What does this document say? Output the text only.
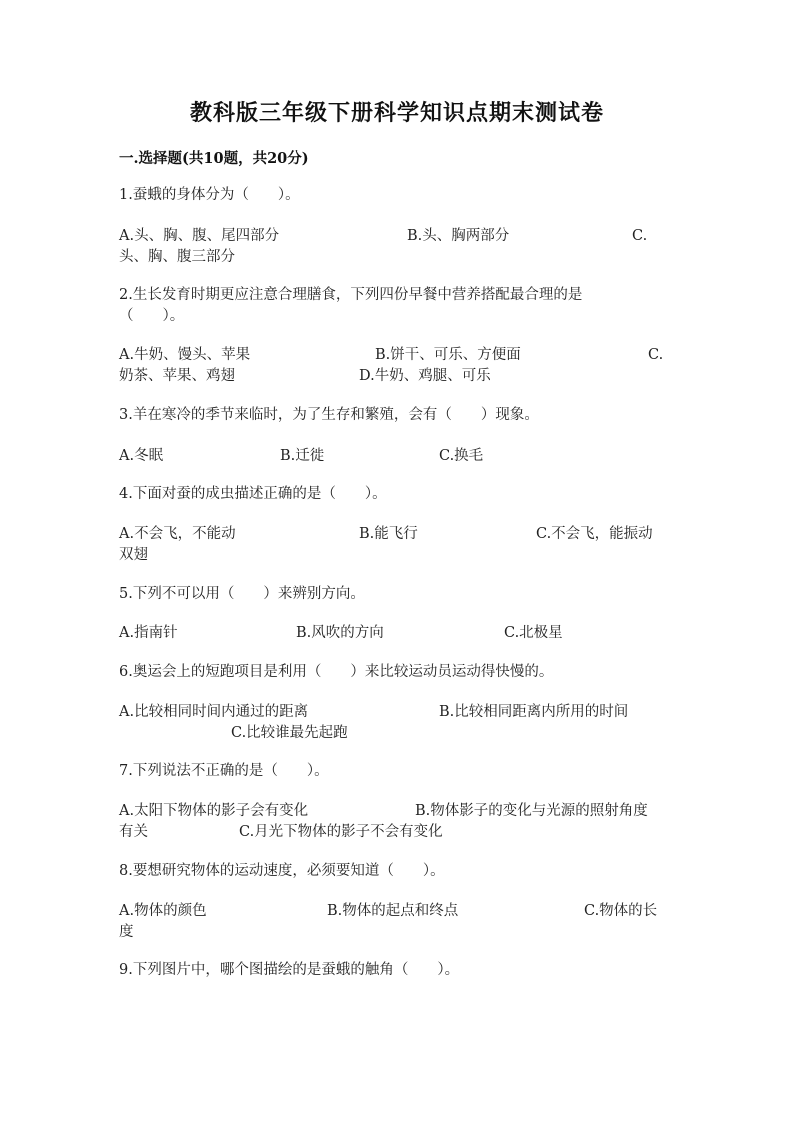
教科版三年级下册科学知识点期末测试卷
一.选择题(共10题，共20分)
1.蚕蛾的身体分为（　　）。
A.头、胸、腹、尾四部分	B.头、胸两部分	C.
头、胸、腹三部分
2.生长发育时期更应注意合理膳食，下列四份早餐中营养搭配最合理的是
（　　）。
A.牛奶、馒头、苹果	B.饼干、可乐、方便面	C.
奶茶、苹果、鸡翅	D.牛奶、鸡腿、可乐
3.羊在寒冷的季节来临时，为了生存和繁殖，会有（　　）现象。
A.冬眠	B.迁徙	C.换毛
4.下面对蚕的成虫描述正确的是（　　）。
A.不会飞，不能动	B.能飞行	C.不会飞，能振动
双翅
5.下列不可以用（　　）来辨别方向。
A.指南针	B.风吹的方向	C.北极星
6.奥运会上的短跑项目是利用（　　）来比较运动员运动得快慢的。
A.比较相同时间内通过的距离	B.比较相同距离内所用的时间
C.比较谁最先起跑
7.下列说法不正确的是（　　）。
A.太阳下物体的影子会有变化	B.物体影子的变化与光源的照射角度
有关	C.月光下物体的影子不会有变化
8.要想研究物体的运动速度，必须要知道（　　）。
A.物体的颜色	B.物体的起点和终点	C.物体的长
度
9.下列图片中，哪个图描绘的是蚕蛾的触角（　　）。
